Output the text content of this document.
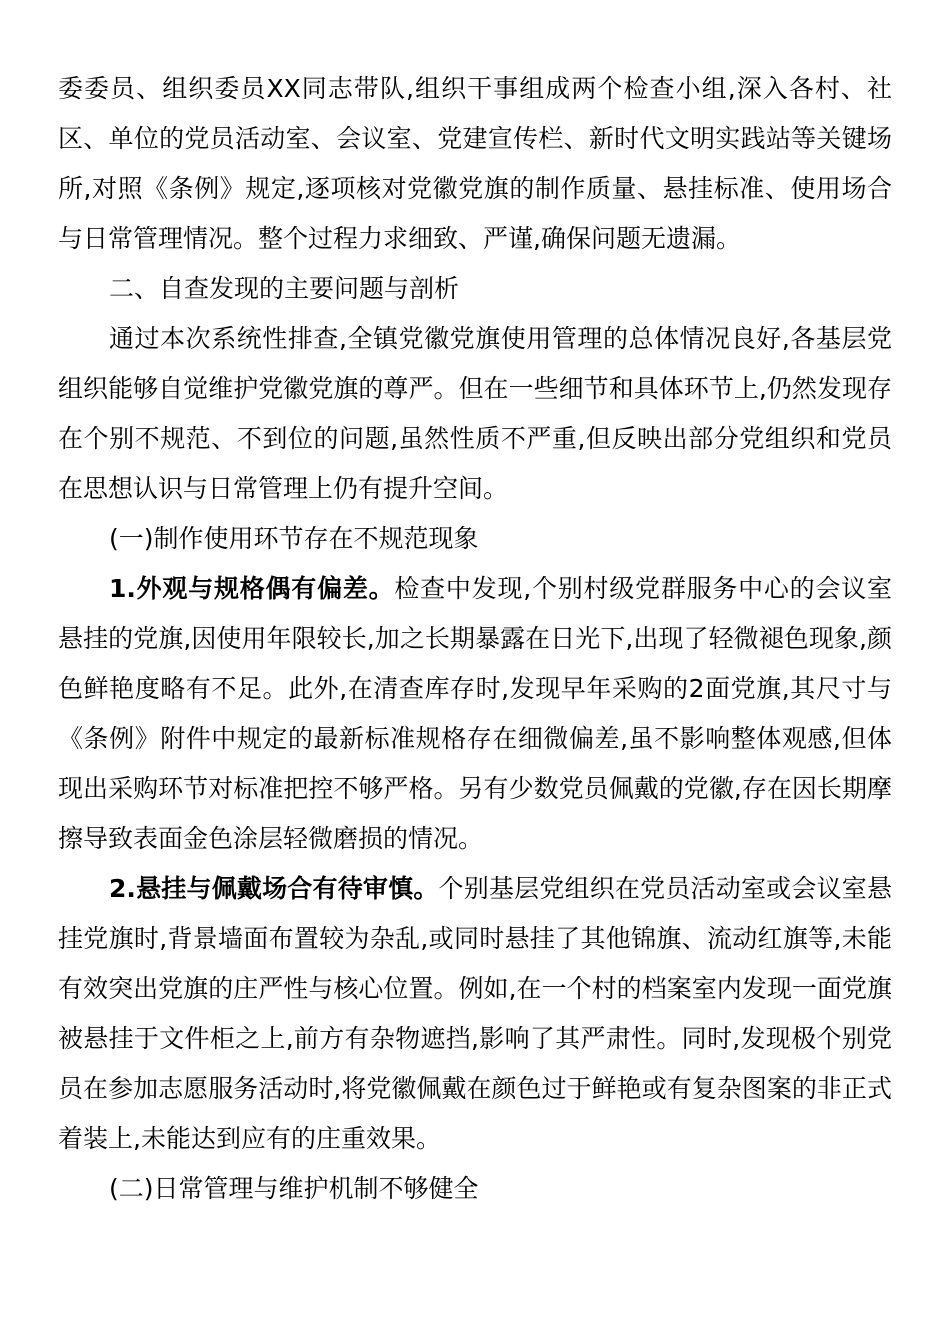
委委员、组织委员XX同志带队,组织干事组成两个检查小组,深入各村、社区、单位的党员活动室、会议室、党建宣传栏、新时代文明实践站等关键场所,对照《条例》规定,逐项核对党徽党旗的制作质量、悬挂标准、使用场合与日常管理情况。整个过程力求细致、严谨,确保问题无遗漏。

二、自查发现的主要问题与剖析

通过本次系统性排查,全镇党徽党旗使用管理的总体情况良好,各基层党组织能够自觉维护党徽党旗的尊严。但在一些细节和具体环节上,仍然发现存在个别不规范、不到位的问题,虽然性质不严重,但反映出部分党组织和党员在思想认识与日常管理上仍有提升空间。

(一)制作使用环节存在不规范现象

1.外观与规格偶有偏差。检查中发现,个别村级党群服务中心的会议室悬挂的党旗,因使用年限较长,加之长期暴露在日光下,出现了轻微褪色现象,颜色鲜艳度略有不足。此外,在清查库存时,发现早年采购的2面党旗,其尺寸与《条例》附件中规定的最新标准规格存在细微偏差,虽不影响整体观感,但体现出采购环节对标准把控不够严格。另有少数党员佩戴的党徽,存在因长期摩擦导致表面金色涂层轻微磨损的情况。

2.悬挂与佩戴场合有待审慎。个别基层党组织在党员活动室或会议室悬挂党旗时,背景墙面布置较为杂乱,或同时悬挂了其他锦旗、流动红旗等,未能有效突出党旗的庄严性与核心位置。例如,在一个村的档案室内发现一面党旗被悬挂于文件柜之上,前方有杂物遮挡,影响了其严肃性。同时,发现极个别党员在参加志愿服务活动时,将党徽佩戴在颜色过于鲜艳或有复杂图案的非正式着装上,未能达到应有的庄重效果。

(二)日常管理与维护机制不够健全
